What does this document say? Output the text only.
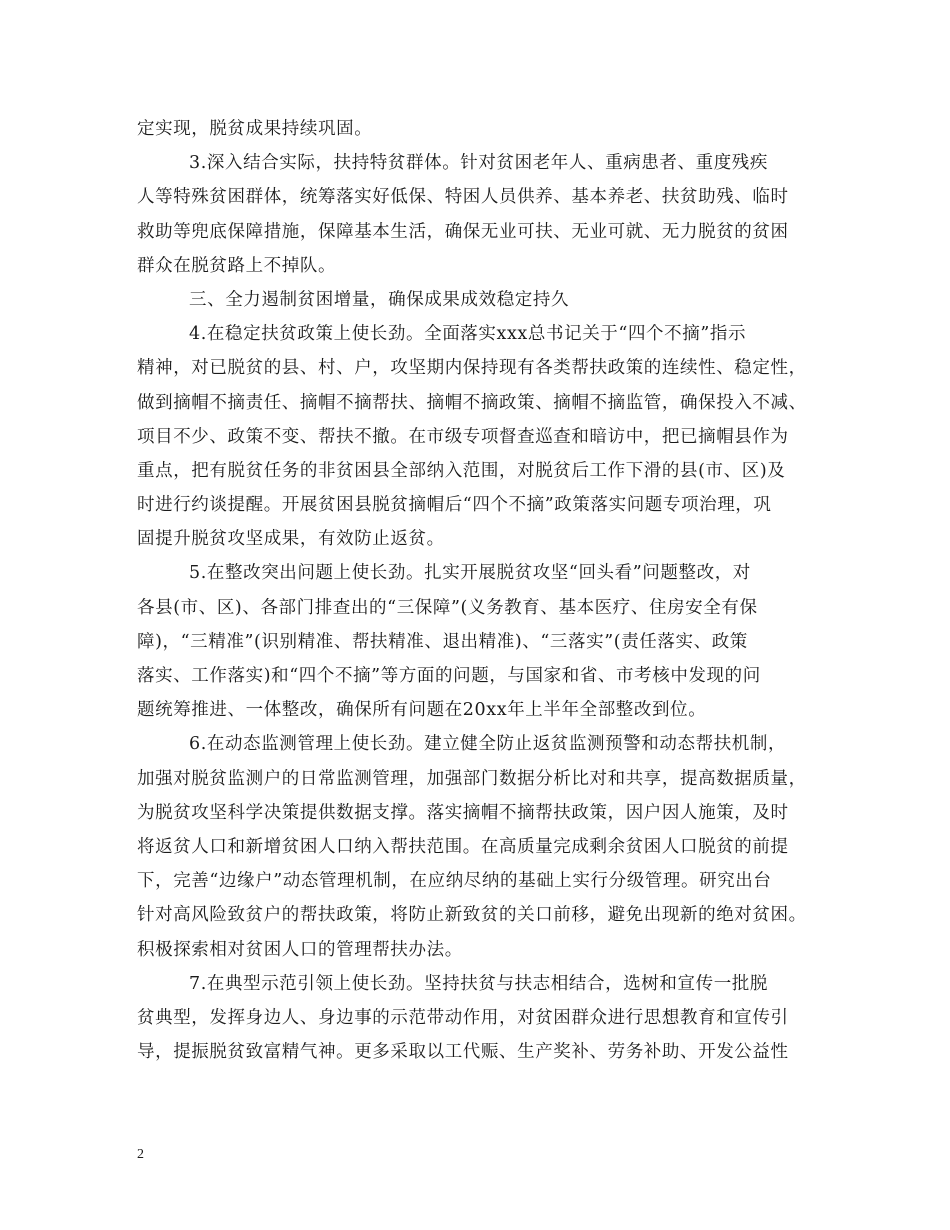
定实现，脱贫成果持续巩固。
3.深入结合实际，扶持特贫群体。针对贫困老年人、重病患者、重度残疾
人等特殊贫困群体，统筹落实好低保、特困人员供养、基本养老、扶贫助残、临时
救助等兜底保障措施，保障基本生活，确保无业可扶、无业可就、无力脱贫的贫困
群众在脱贫路上不掉队。
三、全力遏制贫困增量，确保成果成效稳定持久
4.在稳定扶贫政策上使长劲。全面落实xxx总书记关于“四个不摘”指示
精神，对已脱贫的县、村、户，攻坚期内保持现有各类帮扶政策的连续性、稳定性，
做到摘帽不摘责任、摘帽不摘帮扶、摘帽不摘政策、摘帽不摘监管，确保投入不减、
项目不少、政策不变、帮扶不撤。在市级专项督查巡查和暗访中，把已摘帽县作为
重点，把有脱贫任务的非贫困县全部纳入范围，对脱贫后工作下滑的县(市、区)及
时进行约谈提醒。开展贫困县脱贫摘帽后“四个不摘”政策落实问题专项治理，巩
固提升脱贫攻坚成果，有效防止返贫。
5.在整改突出问题上使长劲。扎实开展脱贫攻坚“回头看”问题整改，对
各县(市、区)、各部门排查出的“三保障”(义务教育、基本医疗、住房安全有保
障)，“三精准”(识别精准、帮扶精准、退出精准)、“三落实”(责任落实、政策
落实、工作落实)和“四个不摘”等方面的问题，与国家和省、市考核中发现的问
题统筹推进、一体整改，确保所有问题在20xx年上半年全部整改到位。
6.在动态监测管理上使长劲。建立健全防止返贫监测预警和动态帮扶机制，
加强对脱贫监测户的日常监测管理，加强部门数据分析比对和共享，提高数据质量，
为脱贫攻坚科学决策提供数据支撑。落实摘帽不摘帮扶政策，因户因人施策，及时
将返贫人口和新增贫困人口纳入帮扶范围。在高质量完成剩余贫困人口脱贫的前提
下，完善“边缘户”动态管理机制，在应纳尽纳的基础上实行分级管理。研究出台
针对高风险致贫户的帮扶政策，将防止新致贫的关口前移，避免出现新的绝对贫困。
积极探索相对贫困人口的管理帮扶办法。
7.在典型示范引领上使长劲。坚持扶贫与扶志相结合，选树和宣传一批脱
贫典型，发挥身边人、身边事的示范带动作用，对贫困群众进行思想教育和宣传引
导，提振脱贫致富精气神。更多采取以工代赈、生产奖补、劳务补助、开发公益性
2
